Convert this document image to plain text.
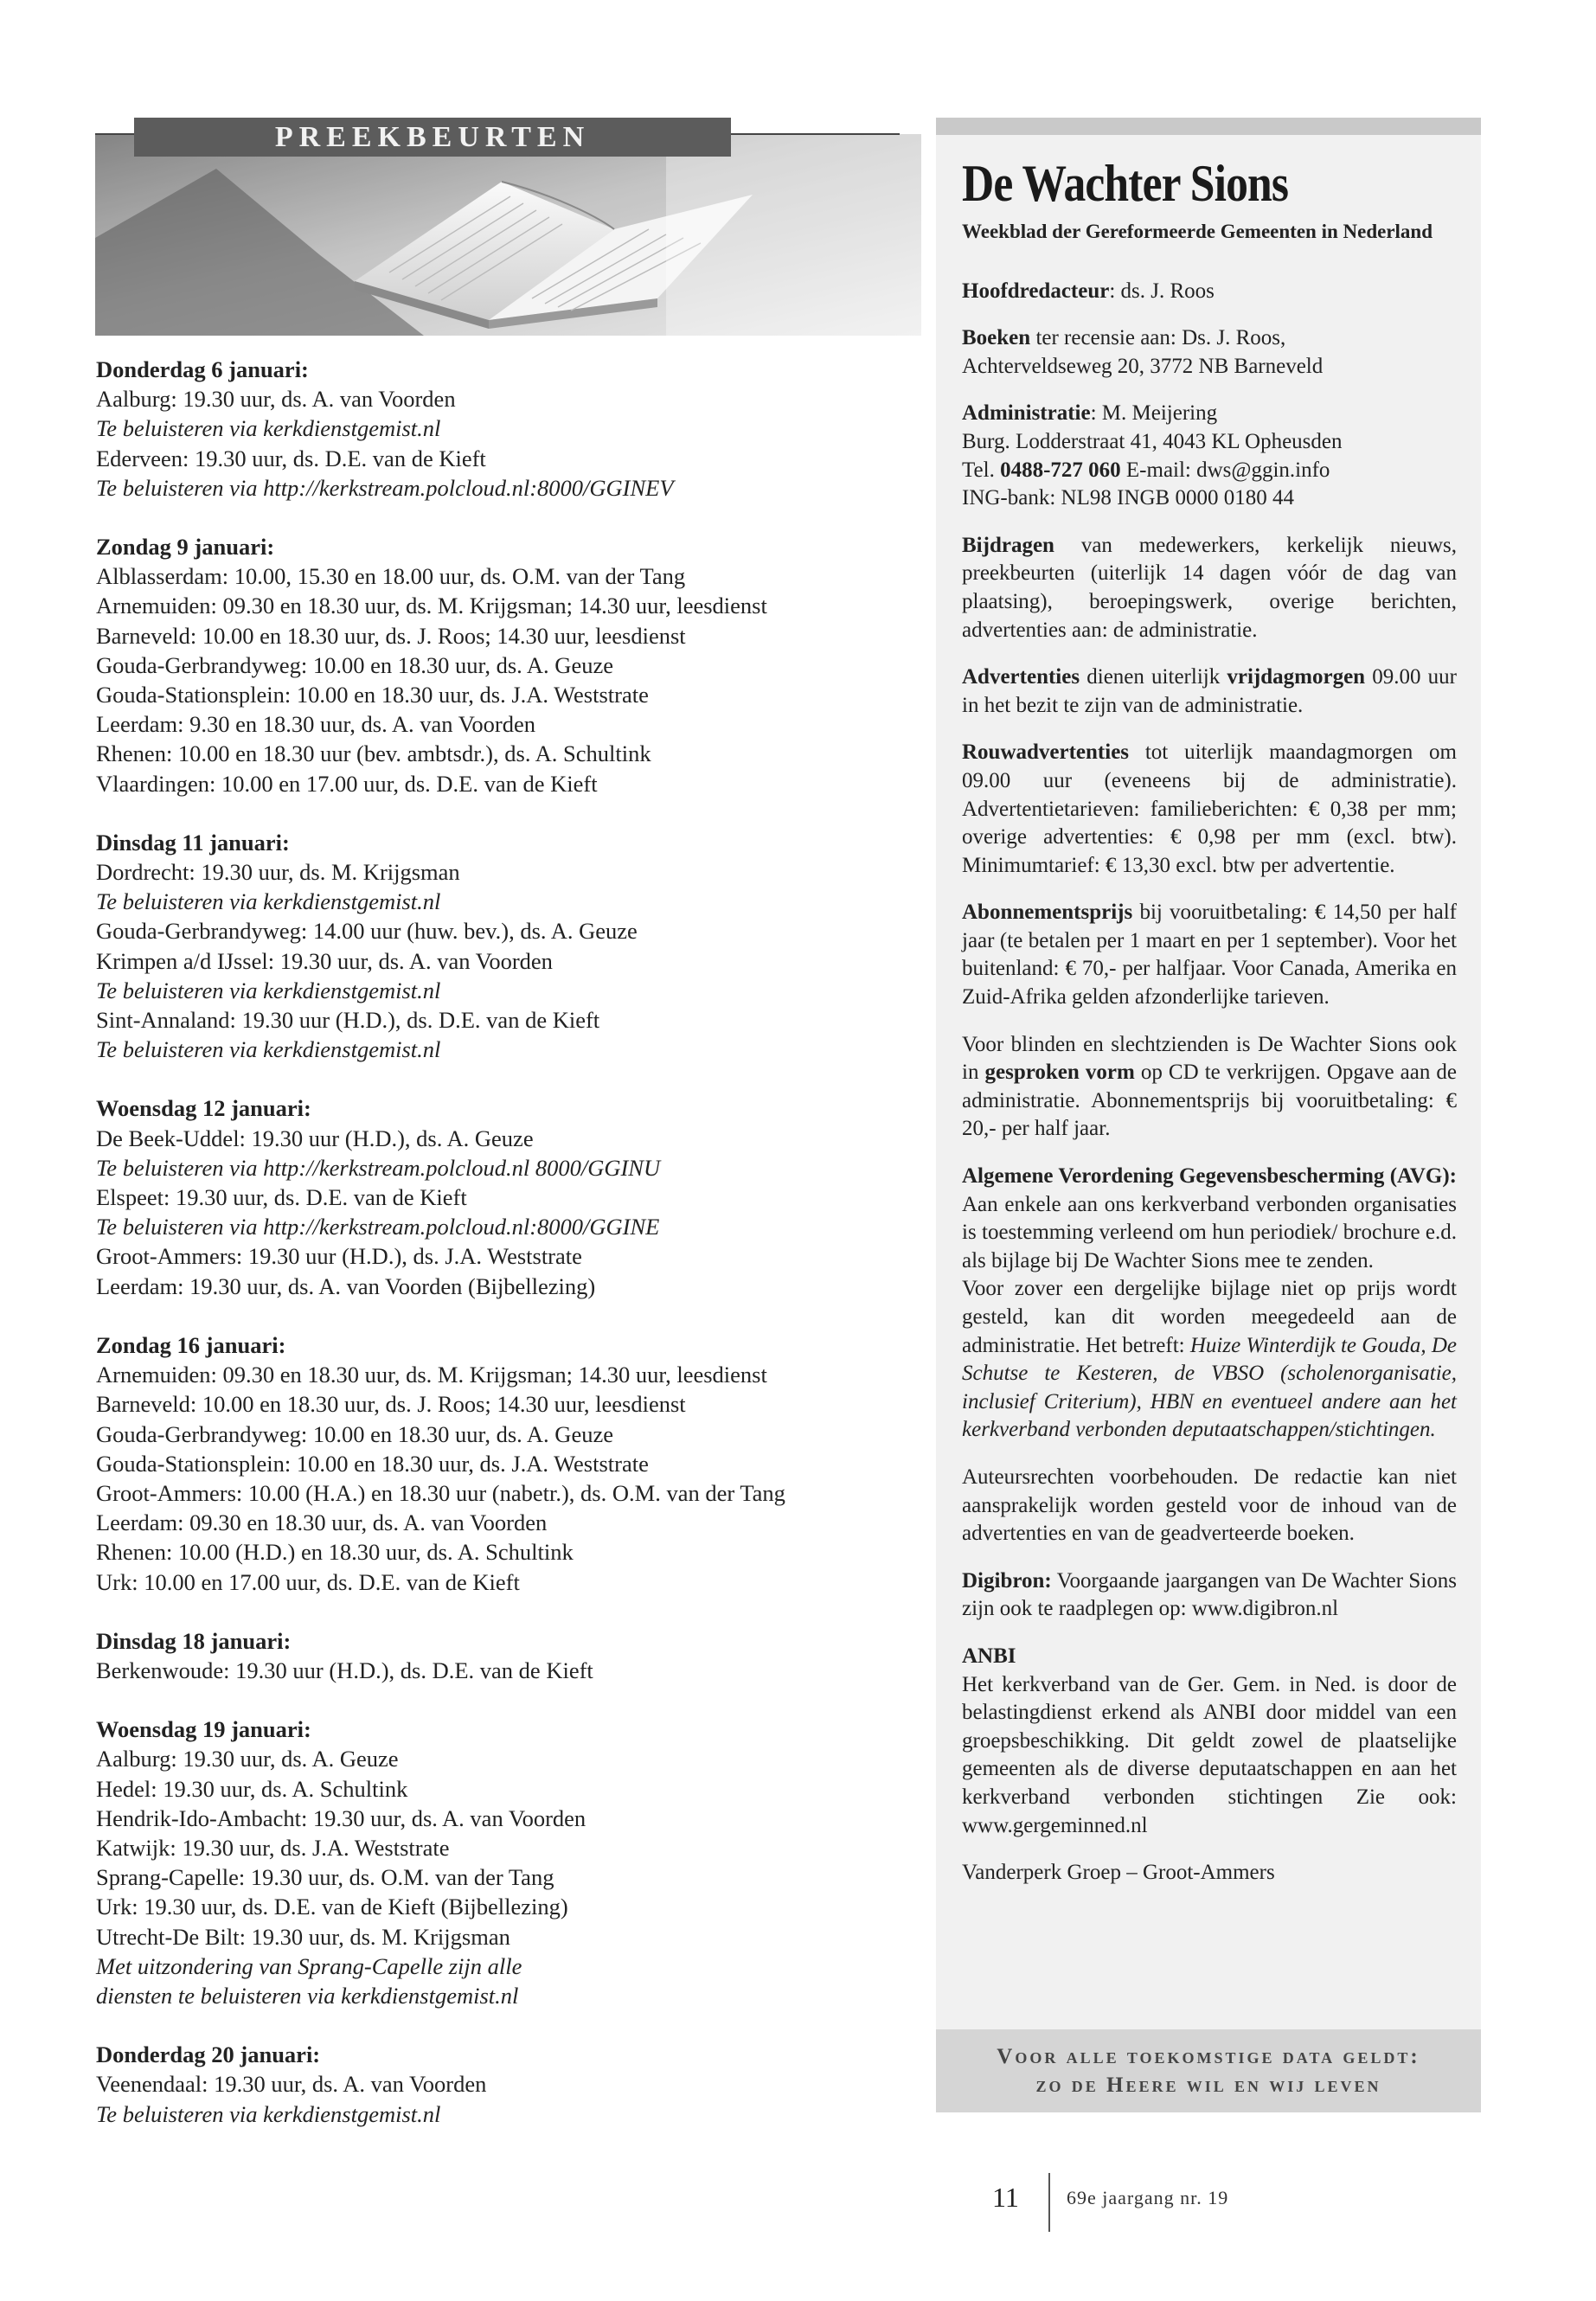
PREEKBEURTEN
Donderdag 6 januari:
Aalburg: 19.30 uur, ds. A. van Voorden
Te beluisteren via kerkdienstgemist.nl
Ederveen: 19.30 uur, ds. D.E. van de Kieft
Te beluisteren via http://kerkstream.polcloud.nl:8000/GGINEV
Zondag 9 januari:
Alblasserdam: 10.00, 15.30 en 18.00 uur, ds. O.M. van der Tang
Arnemuiden: 09.30 en 18.30 uur, ds. M. Krijgsman; 14.30 uur, leesdienst
Barneveld: 10.00 en 18.30 uur, ds. J. Roos; 14.30 uur, leesdienst
Gouda-Gerbrandyweg: 10.00 en 18.30 uur, ds. A. Geuze
Gouda-Stationsplein: 10.00 en 18.30 uur, ds. J.A. Weststrate
Leerdam: 9.30 en 18.30 uur, ds. A. van Voorden
Rhenen: 10.00 en 18.30 uur (bev. ambtsdr.), ds. A. Schultink
Vlaardingen: 10.00 en 17.00 uur, ds. D.E. van de Kieft
Dinsdag 11 januari:
Dordrecht: 19.30 uur, ds. M. Krijgsman
Te beluisteren via kerkdienstgemist.nl
Gouda-Gerbrandyweg: 14.00 uur (huw. bev.), ds. A. Geuze
Krimpen a/d IJssel: 19.30 uur, ds. A. van Voorden
Te beluisteren via kerkdienstgemist.nl
Sint-Annaland: 19.30 uur (H.D.), ds. D.E. van de Kieft
Te beluisteren via kerkdienstgemist.nl
Woensdag 12 januari:
De Beek-Uddel: 19.30 uur (H.D.), ds. A. Geuze
Te beluisteren via http://kerkstream.polcloud.nl 8000/GGINU
Elspeet: 19.30 uur, ds. D.E. van de Kieft
Te beluisteren via http://kerkstream.polcloud.nl:8000/GGINE
Groot-Ammers: 19.30 uur (H.D.), ds. J.A. Weststrate
Leerdam: 19.30 uur, ds. A. van Voorden (Bijbellezing)
Zondag 16 januari:
Arnemuiden: 09.30 en 18.30 uur, ds. M. Krijgsman; 14.30 uur, leesdienst
Barneveld: 10.00 en 18.30 uur, ds. J. Roos; 14.30 uur, leesdienst
Gouda-Gerbrandyweg: 10.00 en 18.30 uur, ds. A. Geuze
Gouda-Stationsplein: 10.00 en 18.30 uur, ds. J.A. Weststrate
Groot-Ammers: 10.00 (H.A.) en 18.30 uur (nabetr.), ds. O.M. van der Tang
Leerdam: 09.30 en 18.30 uur, ds. A. van Voorden
Rhenen: 10.00 (H.D.) en 18.30 uur, ds. A. Schultink
Urk: 10.00 en 17.00 uur, ds. D.E. van de Kieft
Dinsdag 18 januari:
Berkenwoude: 19.30 uur (H.D.), ds. D.E. van de Kieft
Woensdag 19 januari:
Aalburg: 19.30 uur, ds. A. Geuze
Hedel: 19.30 uur, ds. A. Schultink
Hendrik-Ido-Ambacht: 19.30 uur, ds. A. van Voorden
Katwijk: 19.30 uur, ds. J.A. Weststrate
Sprang-Capelle: 19.30 uur, ds. O.M. van der Tang
Urk: 19.30 uur, ds. D.E. van de Kieft (Bijbellezing)
Utrecht-De Bilt: 19.30 uur, ds. M. Krijgsman
Met uitzondering van Sprang-Capelle zijn alle
diensten te beluisteren via kerkdienstgemist.nl
Donderdag 20 januari:
Veenendaal: 19.30 uur, ds. A. van Voorden
Te beluisteren via kerkdienstgemist.nl
De Wachter Sions
Weekblad der Gereformeerde Gemeenten in Nederland
Hoofdredacteur: ds. J. Roos
Boeken ter recensie aan: Ds. J. Roos,
Achterveldseweg 20, 3772 NB Barneveld
Administratie: M. Meijering
Burg. Lodderstraat 41, 4043 KL Opheusden
Tel. 0488-727 060 E-mail: dws@ggin.info
ING-bank: NL98 INGB 0000 0180 44
Bijdragen van medewerkers, kerkelijk nieuws, preekbeurten (uiterlijk 14 dagen vóór de dag van plaatsing), beroepingswerk, overige berichten, advertenties aan: de administratie.
Advertenties dienen uiterlijk vrijdagmorgen 09.00 uur in het bezit te zijn van de administratie.
Rouwadvertenties tot uiterlijk maandagmorgen om 09.00 uur (eveneens bij de administratie). Advertentietarieven: familieberichten: € 0,38 per mm; overige advertenties: € 0,98 per mm (excl. btw). Minimumtarief: € 13,30 excl. btw per advertentie.
Abonnementsprijs bij vooruitbetaling: € 14,50 per half jaar (te betalen per 1 maart en per 1 september). Voor het buitenland: € 70,- per halfjaar. Voor Canada, Amerika en Zuid-Afrika gelden afzonderlijke tarieven.
Voor blinden en slechtzienden is De Wachter Sions ook in gesproken vorm op CD te verkrijgen. Opgave aan de administratie. Abonnementsprijs bij vooruitbetaling: € 20,- per half jaar.
Algemene Verordening Gegevensbescherming (AVG): Aan enkele aan ons kerkverband verbonden organisaties is toestemming verleend om hun periodiek/ brochure e.d. als bijlage bij De Wachter Sions mee te zenden.
Voor zover een dergelijke bijlage niet op prijs wordt gesteld, kan dit worden meegedeeld aan de administratie. Het betreft: Huize Winterdijk te Gouda, De Schutse te Kesteren, de VBSO (scholenorganisatie, inclusief Criterium), HBN en eventueel andere aan het kerkverband verbonden deputaatschappen/stichtingen.
Auteursrechten voorbehouden. De redactie kan niet aansprakelijk worden gesteld voor de inhoud van de advertenties en van de geadverteerde boeken.
Digibron: Voorgaande jaargangen van De Wachter Sions zijn ook te raadplegen op: www.digibron.nl
ANBI
Het kerkverband van de Ger. Gem. in Ned. is door de belastingdienst erkend als ANBI door middel van een groepsbeschikking. Dit geldt zowel de plaatselijke gemeenten als de diverse deputaatschappen en aan het kerkverband verbonden stichtingen Zie ook: www.gergeminned.nl
Vanderperk Groep – Groot-Ammers
Voor alle toekomstige data geldt:
zo de Heere wil en wij leven
11	69e jaargang nr. 19
